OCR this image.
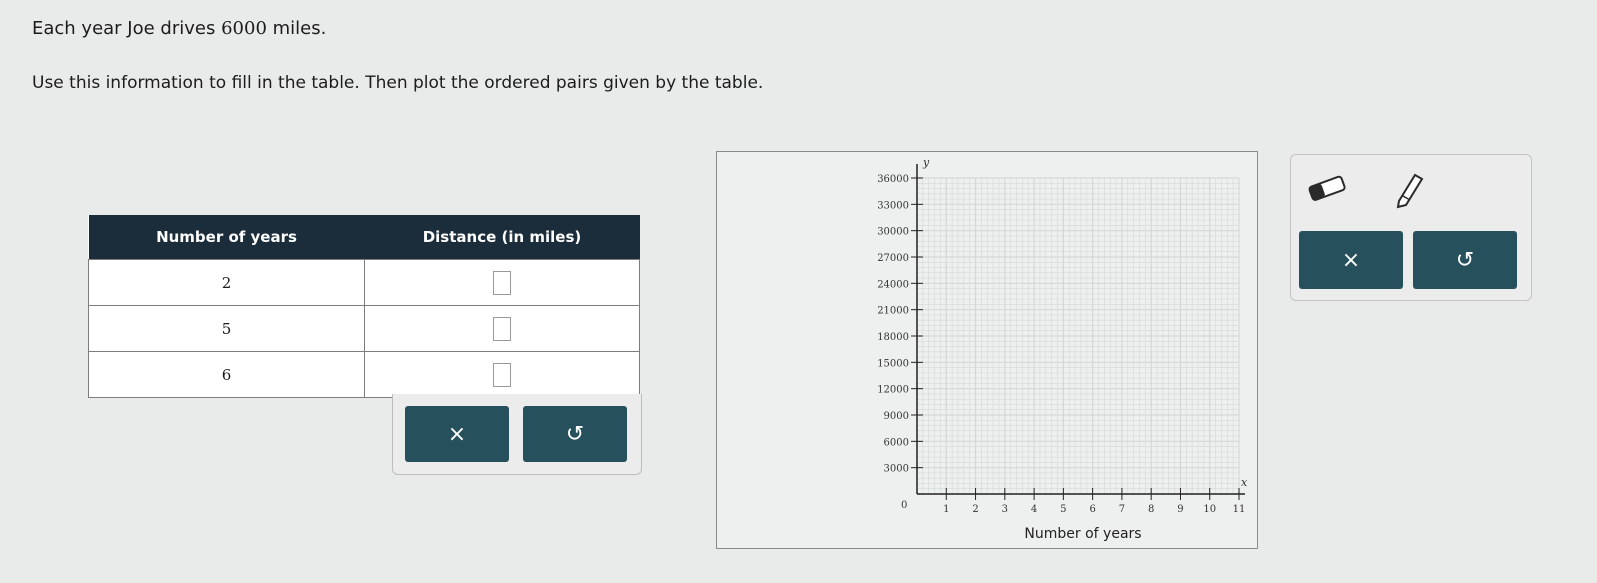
Each year Joe drives 6000 miles.
Use this information to fill in the table. Then plot the ordered pairs given by the table.
Number of years	Distance (in miles)
2	
5	
6	
×	↺
1 2 3 4 5 6 7 8 9 10 11
3000
6000
9000
12000
15000
18000
21000
24000
27000
30000
33000
36000
y
x
0
Number of years
×	↺
